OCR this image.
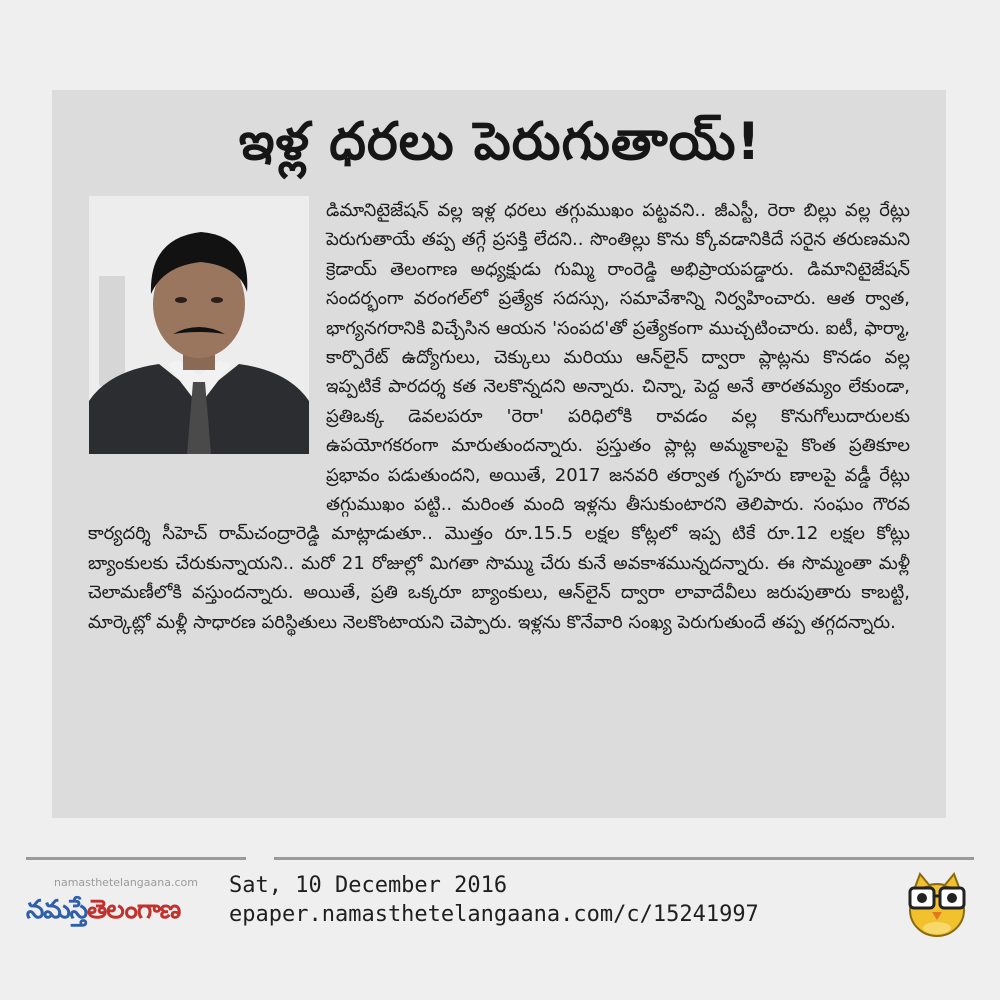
ఇళ్ల ధరలు పెరుగుతాయ్!

డిమానిటైజేషన్ వల్ల ఇళ్ల ధరలు తగ్గుముఖం పట్టవని.. జీఎస్టీ, రెరా బిల్లు వల్ల రేట్లు పెరుగుతాయే తప్ప తగ్గే ప్రసక్తి లేదని.. సొంతిల్లు కొను క్కోవడానికిదే సరైన తరుణమని క్రెడాయ్ తెలంగాణ అధ్యక్షుడు గుమ్మి రాంరెడ్డి అభిప్రాయపడ్డారు. డిమానిటైజేషన్ సందర్భంగా వరంగల్‌లో ప్రత్యేక సదస్సు, సమావేశాన్ని నిర్వహించారు. ఆత ర్వాత, భాగ్యనగరానికి విచ్చేసిన ఆయన 'సంపద'తో ప్రత్యేకంగా ముచ్చటించారు. ఐటీ, ఫార్మా, కార్పొరేట్ ఉద్యోగులు, చెక్కులు మరియు ఆన్‌లైన్ ద్వారా ప్లాట్లను కొనడం వల్ల ఇప్పటికే పారదర్శ కత నెలకొన్నదని అన్నారు. చిన్నా, పెద్ద అనే తారతమ్యం లేకుండా, ప్రతిఒక్క డెవలపరూ 'రెరా' పరిధిలోకి రావడం వల్ల కొనుగోలుదారులకు ఉపయోగకరంగా మారుతుందన్నారు. ప్రస్తుతం ప్లాట్ల అమ్మకాలపై కొంత ప్రతికూల ప్రభావం పడుతుందని, అయితే, 2017 జనవరి తర్వాత గృహరు ణాలపై వడ్డీ రేట్లు తగ్గుముఖం పట్టి.. మరింత మంది ఇళ్లను తీసుకుంటారని తెలిపారు. సంఘం గౌరవ కార్యదర్శి సీహెచ్ రామ్‌చంద్రారెడ్డి మాట్లాడుతూ.. మొత్తం రూ.15.5 లక్షల కోట్లలో ఇప్ప టికే రూ.12 లక్షల కోట్లు బ్యాంకులకు చేరుకున్నాయని.. మరో 21 రోజుల్లో మిగతా సొమ్ము చేరు కునే అవకాశమున్నదన్నారు. ఈ సొమ్మంతా మళ్లీ చెలామణీలోకి వస్తుందన్నారు. అయితే, ప్రతి ఒక్కరూ బ్యాంకులు, ఆన్‌లైన్ ద్వారా లావాదేవీలు జరుపుతారు కాబట్టి, మార్కెట్లో మళ్లీ సాధారణ పరిస్థితులు నెలకొంటాయని చెప్పారు. ఇళ్లను కొనేవారి సంఖ్య పెరుగుతుందే తప్ప తగ్గదన్నారు.

namasthetelangaana.com
నమస్తేతెలంగాణ
Sat, 10 December 2016
epaper.namasthetelangaana.com/c/15241997
